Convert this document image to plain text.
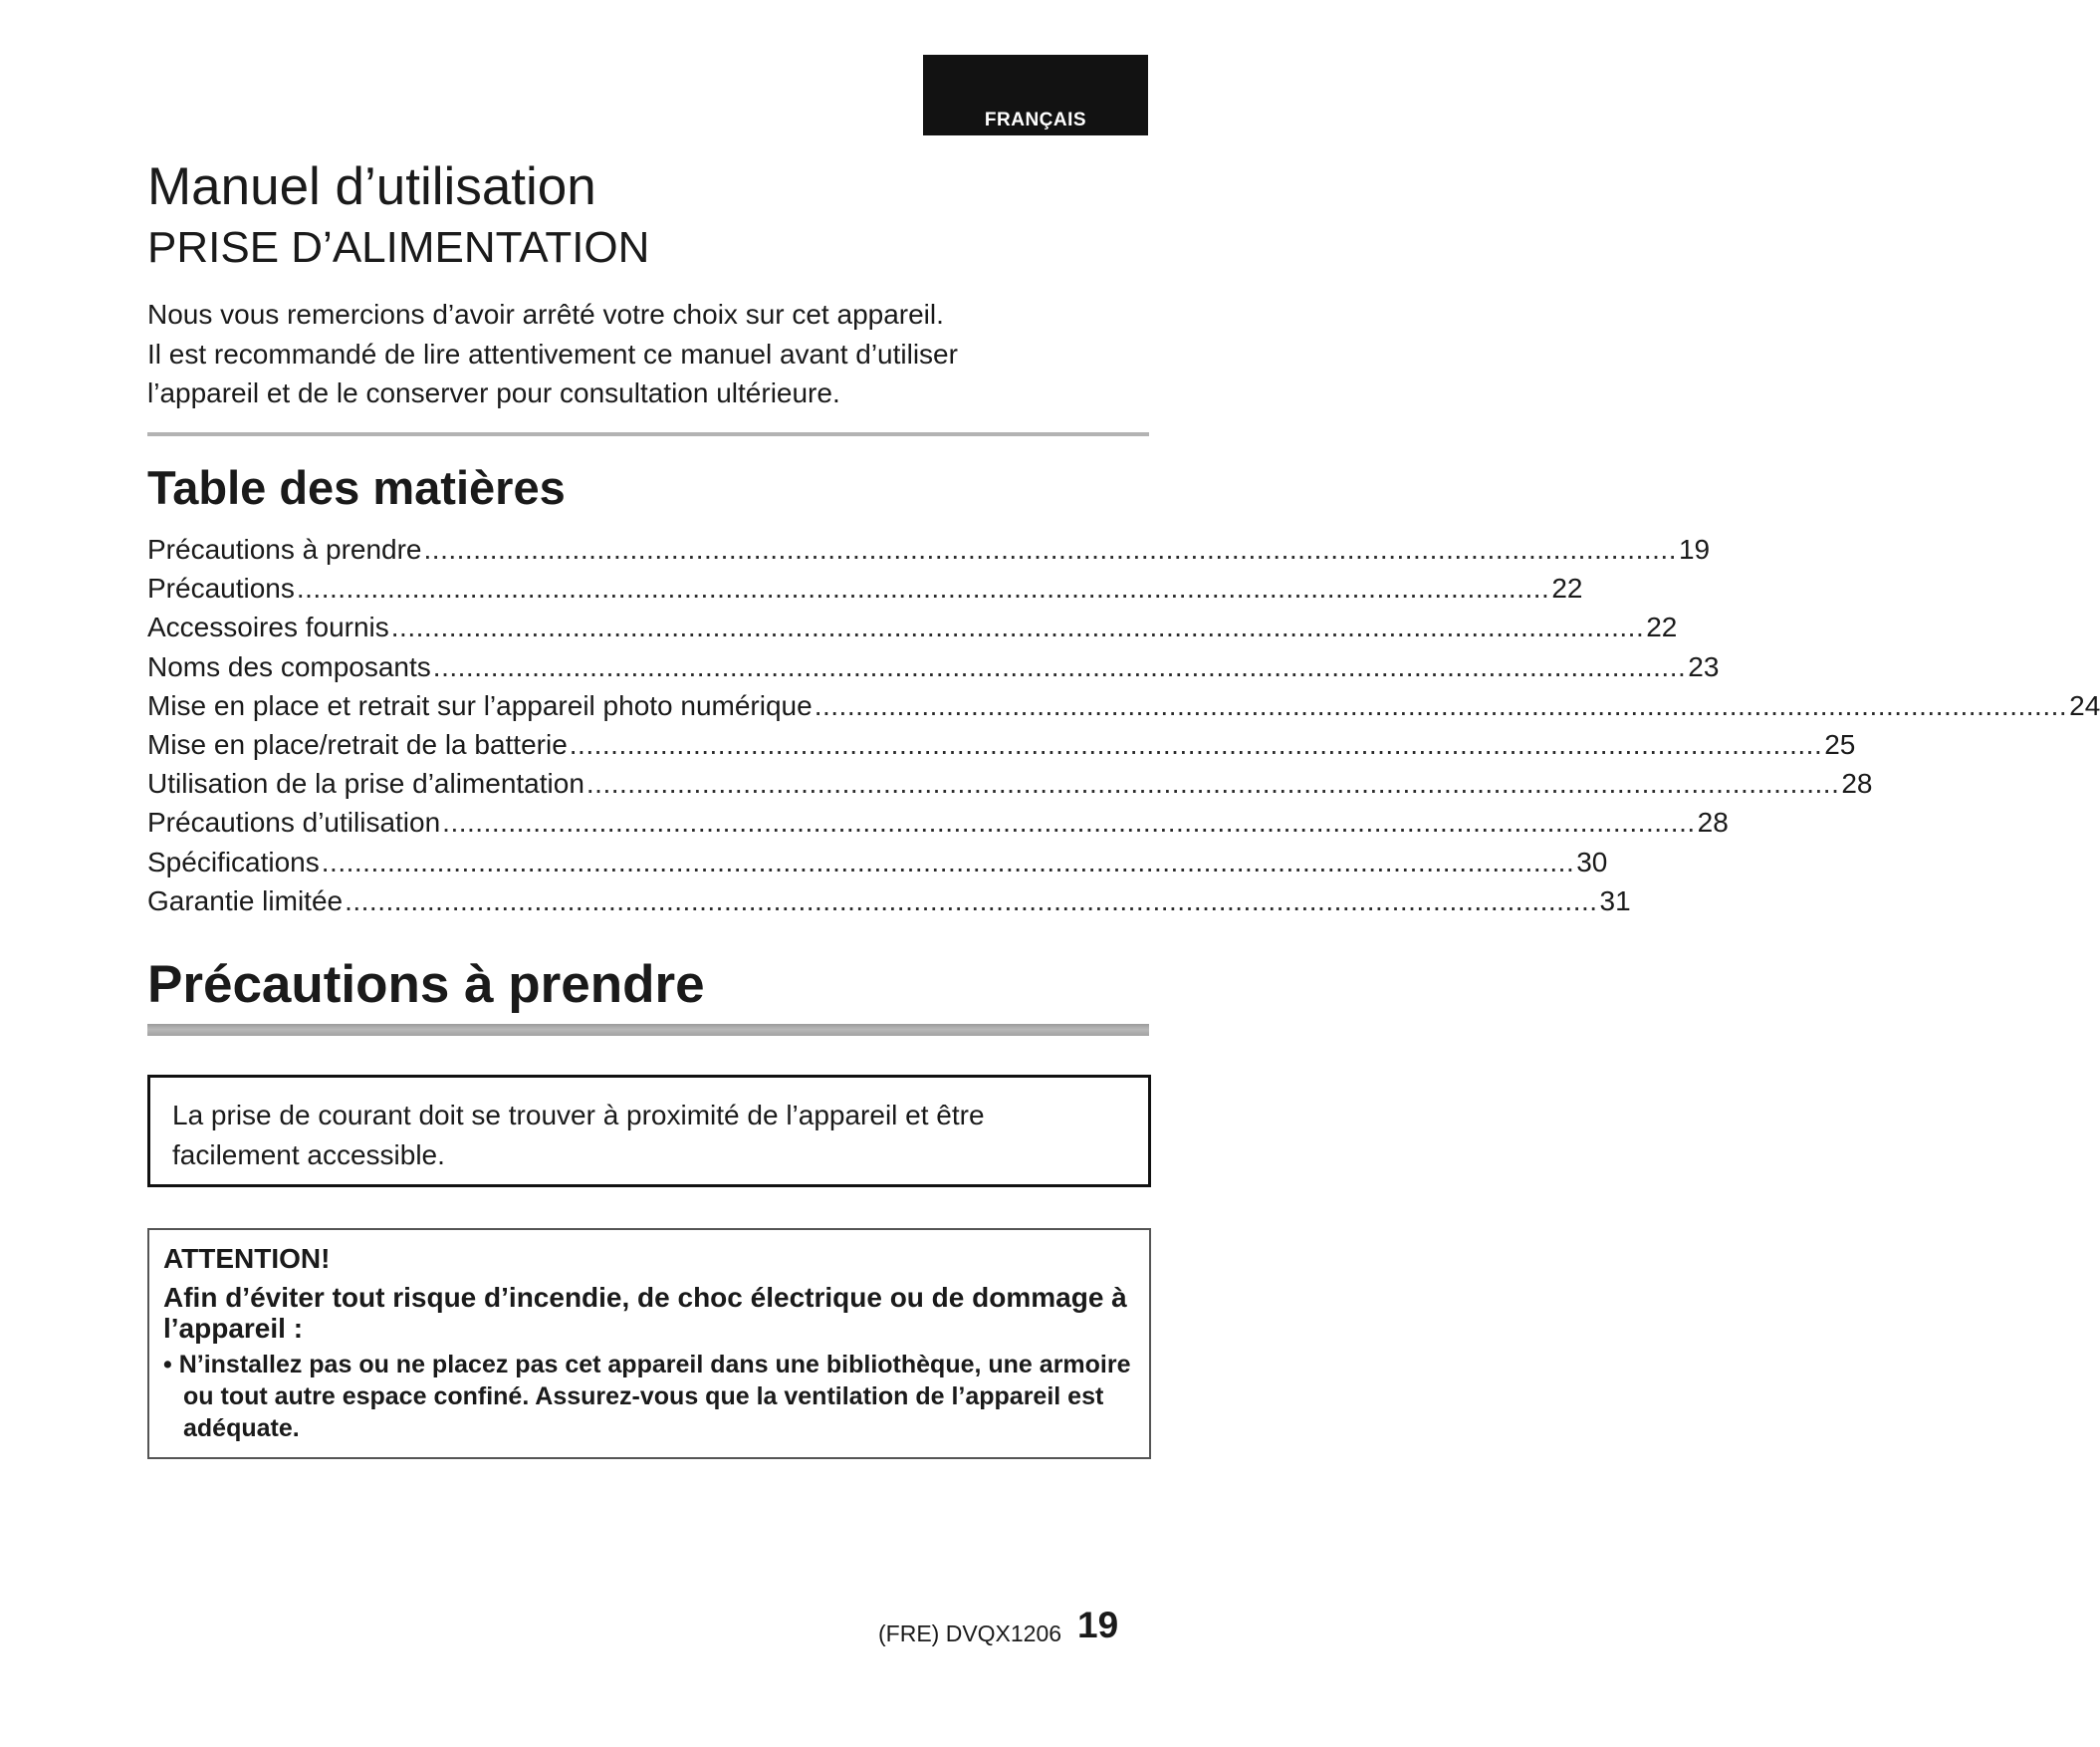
FRANÇAIS
Manuel d’utilisation
PRISE D’ALIMENTATION

Nous vous remercions d’avoir arrêté votre choix sur cet appareil.

Il est recommandé de lire attentivement ce manuel avant d’utiliser

l’appareil et de le conserver pour consultation ultérieure.

Table des matières
Précautions à prendre ........................................................................................................................................................ 19
Précautions ........................................................................................................................................................ 22
Accessoires fournis ........................................................................................................................................................ 22
Noms des composants ........................................................................................................................................................ 23
Mise en place et retrait sur l’appareil photo numérique ........................................................................................................................................................ 24
Mise en place/retrait de la batterie ........................................................................................................................................................ 25
Utilisation de la prise d’alimentation ........................................................................................................................................................ 28
Précautions d’utilisation ........................................................................................................................................................ 28
Spécifications ........................................................................................................................................................ 30
Garantie limitée ........................................................................................................................................................ 31
Précautions à prendre
La prise de courant doit se trouver à proximité de l’appareil et être
facilement accessible.
ATTENTION!
Afin d’éviter tout risque d’incendie, de choc électrique ou de dommage à l’appareil :
• N’installez pas ou ne placez pas cet appareil dans une bibliothèque, une armoire ou tout autre espace confiné. Assurez-vous que la ventilation de l’appareil est adéquate.
(FRE) DVQX1206 19
